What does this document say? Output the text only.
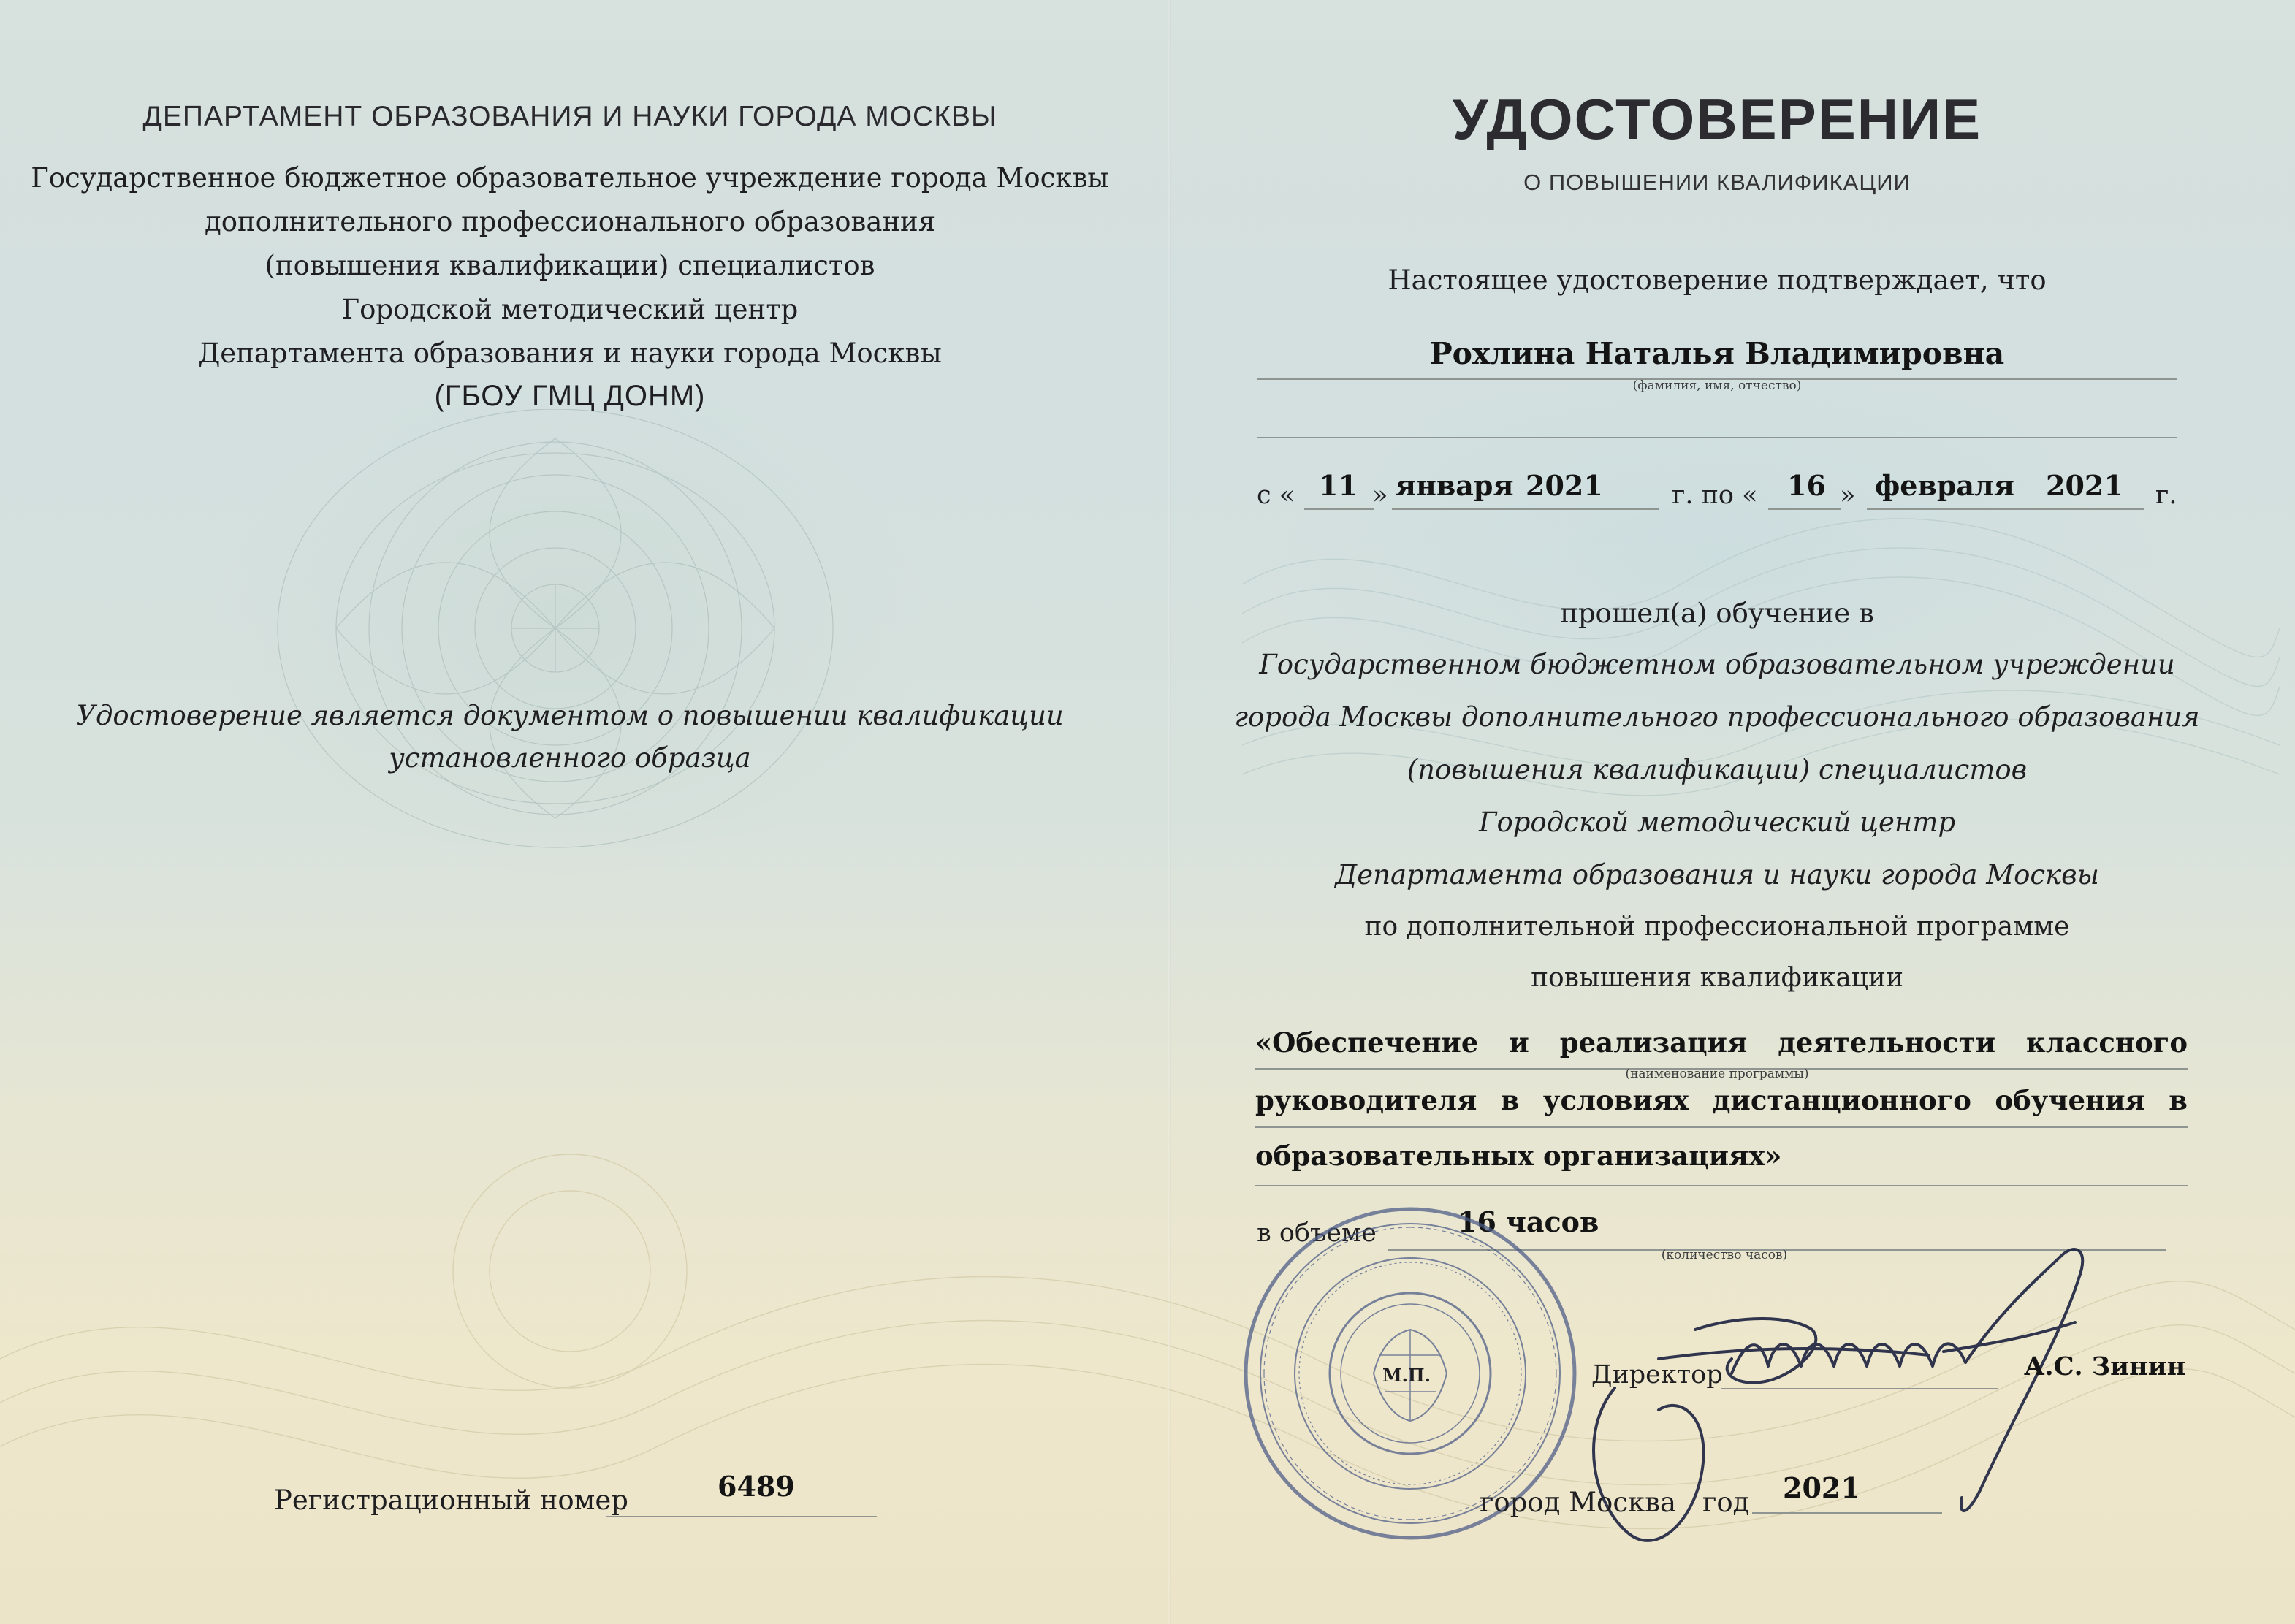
ДЕПАРТАМЕНТ ОБРАЗОВАНИЯ И НАУКИ ГОРОДА МОСКВЫ
Государственное бюджетное образовательное учреждение города Москвы
дополнительного профессионального образования
(повышения квалификации) специалистов
Городской методический центр
Департамента образования и науки города Москвы
(ГБОУ ГМЦ ДОНМ)
Удостоверение является документом о повышении квалификации
установленного образца
Регистрационный номер	6489
УДОСТОВЕРЕНИЕ
О ПОВЫШЕНИИ КВАЛИФИКАЦИИ
Настоящее удостоверение подтверждает, что
Рохлина Наталья Владимировна
(фамилия, имя, отчество)
с « 11 » января 2021	г. по « 16 » февраля 2021 г.
прошел(а) обучение в
Государственном бюджетном образовательном учреждении
города Москвы дополнительного профессионального образования
(повышения квалификации) специалистов
Городской методический центр
Департамента образования и науки города Москвы
по дополнительной профессиональной программе
повышения квалификации
«Обеспечение и реализация деятельности классного
(наименование программы)
руководителя в условиях дистанционного обучения в
образовательных организациях»
в объеме	16 часов
(количество часов)
М.П.	Директор	А.С. Зинин
город Москва год 2021
